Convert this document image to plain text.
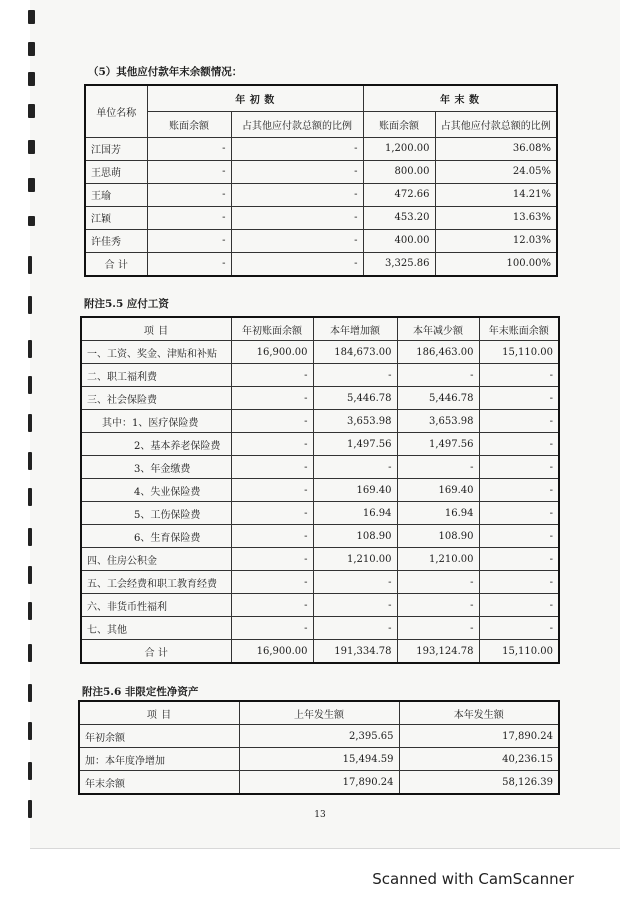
（5）其他应付款年末余额情况：
单位名称	年 初 数		年 末 数	
	账面余额	占其他应付款总额的比例	账面余额	占其他应付款总额的比例
江国芳	-	-	1,200.00	36.08%
王思萌	-	-	800.00	24.05%
王瑜	-	-	472.66	14.21%
江颖	-	-	453.20	13.63%
许佳秀	-	-	400.00	12.03%
合 计	-	-	3,325.86	100.00%
附注5.5 应付工资
项 目	年初账面余额	本年增加额	本年减少额	年末账面余额
一、工资、奖金、津贴和补贴	16,900.00	184,673.00	186,463.00	15,110.00
二、职工福利费	-	-	-	-
三、社会保险费	-	5,446.78	5,446.78	-
其中：1、医疗保险费	-	3,653.98	3,653.98	-
2、基本养老保险费	-	1,497.56	1,497.56	-
3、年金缴费	-	-	-	-
4、失业保险费	-	169.40	169.40	-
5、工伤保险费	-	16.94	16.94	-
6、生育保险费	-	108.90	108.90	-
四、住房公积金	-	1,210.00	1,210.00	-
五、工会经费和职工教育经费	-	-	-	-
六、非货币性福利	-	-	-	-
七、其他	-	-	-	-
合 计	16,900.00	191,334.78	193,124.78	15,110.00
附注5.6 非限定性净资产
项 目	上年发生额	本年发生额
年初余额	2,395.65	17,890.24
加：本年度净增加	15,494.59	40,236.15
年末余额	17,890.24	58,126.39
13
Scanned with CamScanner
